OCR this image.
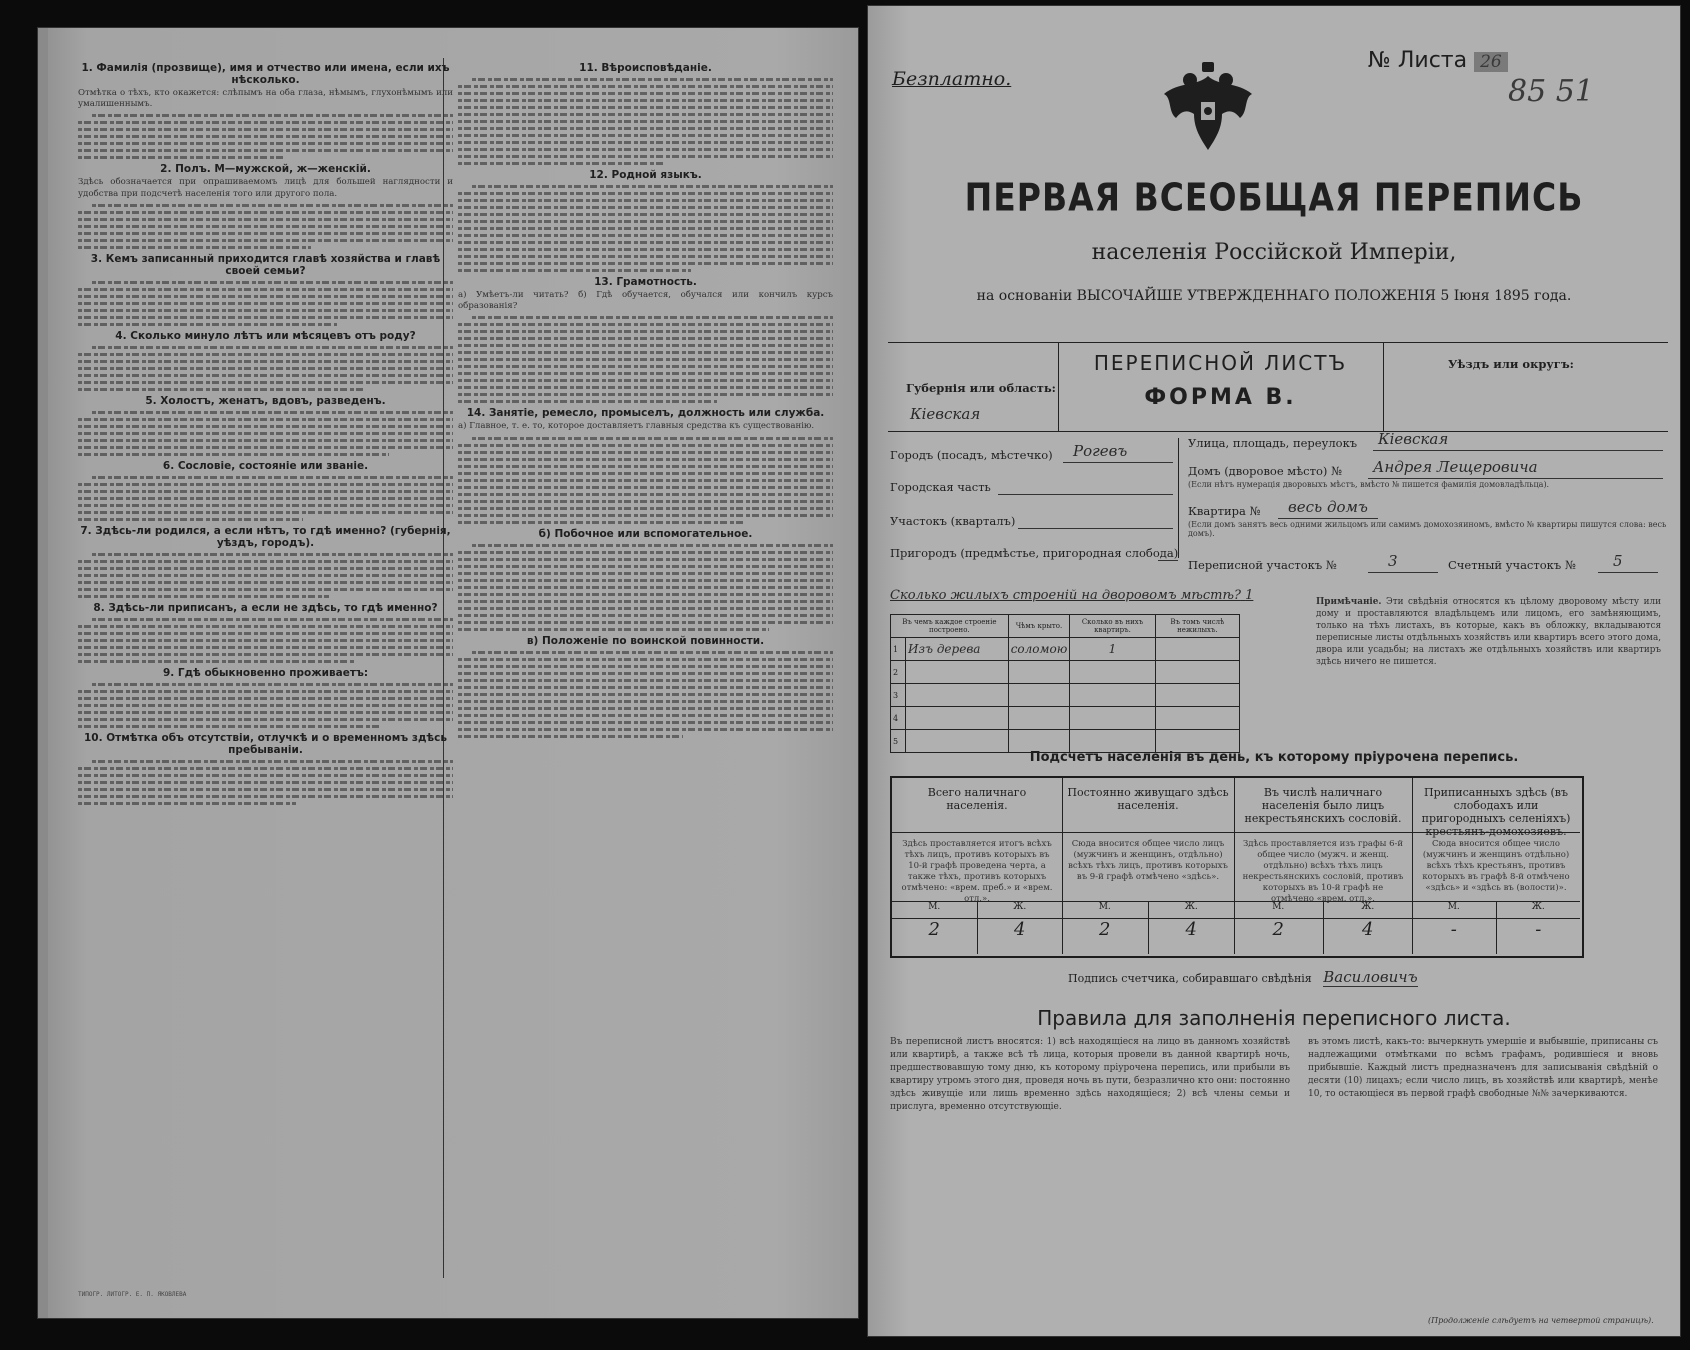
1. Фамилія (прозвище), имя и отчество или имена, если ихъ нѣсколько.

Отмѣтка о тѣхъ, кто окажется: слѣпымъ на оба глаза, нѣмымъ, глухонѣмымъ или умалишеннымъ.

2. Полъ. М—мужской, ж—женскій.

Здѣсь обозначается при опрашиваемомъ лицѣ для большей наглядности и удобства при подсчетѣ населенія того или другого пола.

3. Кемъ записанный приходится главѣ хозяйства и главѣ своей семьи?

4. Сколько минуло лѣтъ или мѣсяцевъ отъ роду?

5. Холостъ, женатъ, вдовъ, разведенъ.

6. Сословіе, состояніе или званіе.

7. Здѣсь-ли родился, а если нѣтъ, то гдѣ именно? (губернія, уѣздъ, городъ).

8. Здѣсь-ли приписанъ, а если не здѣсь, то гдѣ именно?

9. Гдѣ обыкновенно проживаетъ:

10. Отмѣтка объ отсутствіи, отлучкѣ и о временномъ здѣсь пребываніи.

11. Вѣроисповѣданіе.

12. Родной языкъ.

13. Грамотность.

а) Умѣетъ-ли читать? б) Гдѣ обучается, обучался или кончилъ курсъ образованія?

14. Занятіе, ремесло, промыселъ, должность или служба.

а) Главное, т. е. то, которое доставляетъ главныя средства къ существованію.

б) Побочное или вспомогательное.

в) Положеніе по воинской повинности.

ТИПОГР. ЛИТОГР. Е. П. ЯКОВЛЕВА
Безплатно.
№ Листа 26
85 51
ПЕРВАЯ ВСЕОБЩАЯ ПЕРЕПИСЬ
населенія Россійской Имперіи,
на основаніи ВЫСОЧАЙШЕ УТВЕРЖДЕННАГО ПОЛОЖЕНІЯ 5 Іюня 1895 года.
ПЕРЕПИСНОЙ ЛИСТЪ
ФОРМА В.
Губернія или область:
Кіевская
Уѣздъ или округъ:
Городъ (посадъ, мѣстечко) Рогевъ
Городская часть
Участокъ (кварталъ)
Пригородъ (предмѣстье, пригородная слобода)
Улица, площадь, переулокъ Кіевская
Домъ (дворовое мѣсто) № Андрея Лещеровича
(Если нѣтъ нумерація дворовыхъ мѣстъ, вмѣсто № пишется фамилія домовладѣльца).
Квартира № весь домъ
(Если домъ занятъ весь одними жильцомъ или самимъ домохозяиномъ, вмѣсто № квартиры пишутся слова: весь домъ).
Переписной участокъ №	3	Счетный участокъ № 5
Сколько жилыхъ строеній на дворовомъ мѣстѣ? 1
Въ чемъ каждое строеніе построено.		Чѣмъ крыто.	Сколько въ нихъ квартиръ.	Въ томъ числѣ нежилыхъ.
1	Изъ дерева	соломою	1	
2				
3				
4				
5				

Примѣчаніе. Эти свѣдѣнія относятся къ цѣлому дворовому мѣсту или дому и проставляются владѣльцемъ или лицомъ, его замѣняющимъ, только на тѣхъ листахъ, въ которые, какъ въ обложку, вкладываются переписные листы отдѣльныхъ хозяйствъ или квартиръ всего этого дома, двора или усадьбы; на листахъ же отдѣльныхъ хозяйствъ или квартиръ здѣсь ничего не пишется.

Подсчетъ населенія въ день, къ которому пріурочена перепись.
Всего наличнаго населенія.
Здѣсь проставляется итогъ всѣхъ тѣхъ лицъ, противъ которыхъ въ 10-й графѣ проведена черта, а также тѣхъ, противъ которыхъ отмѣчено: «врем. преб.» и «врем. отл.».
М.	Ж.
2	4
Постоянно живущаго здѣсь населенія.
Сюда вносится общее число лицъ (мужчинъ и женщинъ, отдѣльно) всѣхъ тѣхъ лицъ, противъ которыхъ въ 9-й графѣ отмѣчено «здѣсь».
М.	Ж.
2	4
Въ числѣ наличнаго населенія было лицъ некрестьянскихъ сословій.
Здѣсь проставляется изъ графы 6-й общее число (мужч. и женщ. отдѣльно) всѣхъ тѣхъ лицъ некрестьянскихъ сословій, противъ которыхъ въ 10-й графѣ не отмѣчено «врем. отл.».
М.	Ж.
2	4
Приписанныхъ здѣсь (въ слободахъ или пригородныхъ селеніяхъ) крестьянъ-домохозяевъ.
Сюда вносится общее число (мужчинъ и женщинъ отдѣльно) всѣхъ тѣхъ крестьянъ, противъ которыхъ въ графѣ 8-й отмѣчено «здѣсь» и «здѣсь въ (волости)».
М.	Ж.
-	-
Подпись счетчика, собиравшаго свѣдѣнія Василовичъ
Правила для заполненія переписного листа.

Въ переписной листъ вносятся: 1) всѣ находящіеся на лицо въ данномъ хозяйствѣ или квартирѣ, а также всѣ тѣ лица, которыя провели въ данной квартирѣ ночь, предшествовавшую тому дню, къ которому пріурочена перепись, или прибыли въ квартиру утромъ этого дня, проведя ночь въ пути, безразлично кто они: постоянно здѣсь живущіе или лишь временно здѣсь находящіеся; 2) всѣ члены семьи и прислуга, временно отсутствующіе.

въ этомъ листѣ, какъ-то: вычеркнуть умершіе и выбывшіе, приписаны съ надлежащими отмѣтками по всѣмъ графамъ, родившіеся и вновь прибывшіе. Каждый листъ предназначенъ для записыванія свѣдѣній о десяти (10) лицахъ; если число лицъ, въ хозяйствѣ или квартирѣ, менѣе 10, то остающіеся въ первой графѣ свободные №№ зачеркиваются.

(Продолженіе слѣдуетъ на четвертой страницѣ).
